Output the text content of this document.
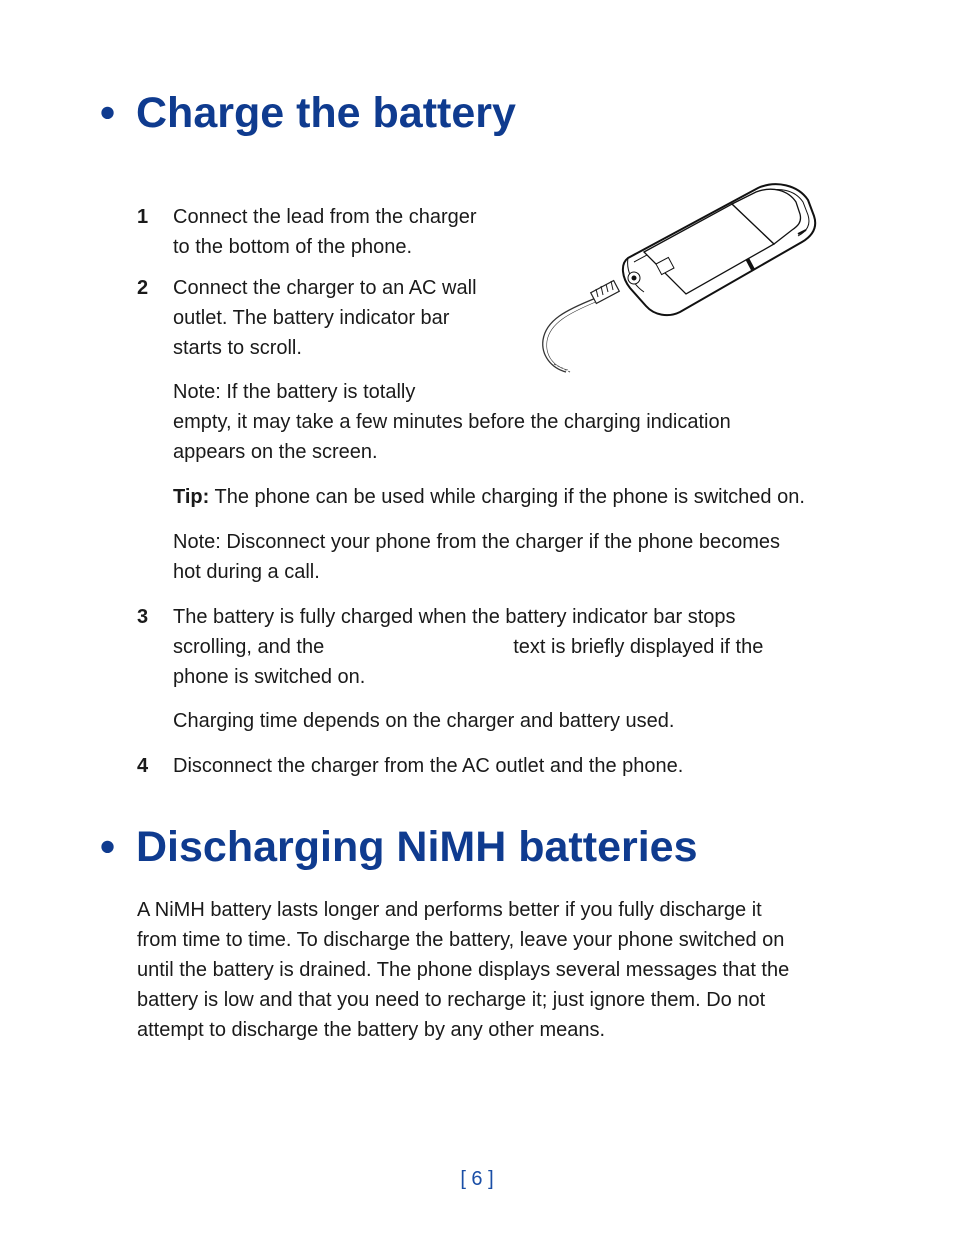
• Charge the battery
1 Connect the lead from the charger
to the bottom of the phone.
2 Connect the charger to an AC wall
outlet. The battery indicator bar
starts to scroll.
Note: If the battery is totally
empty, it may take a few minutes before the charging indication
appears on the screen.
Tip: The phone can be used while charging if the phone is switched on.
Note: Disconnect your phone from the charger if the phone becomes
hot during a call.
3 The battery is fully charged when the battery indicator bar stops
scrolling, and the	text is briefly displayed if the
phone is switched on.
Charging time depends on the charger and battery used.
4 Disconnect the charger from the AC outlet and the phone.
• Discharging NiMH batteries
A NiMH battery lasts longer and performs better if you fully discharge it
from time to time. To discharge the battery, leave your phone switched on
until the battery is drained. The phone displays several messages that the
battery is low and that you need to recharge it; just ignore them. Do not
attempt to discharge the battery by any other means.
[ 6 ]
